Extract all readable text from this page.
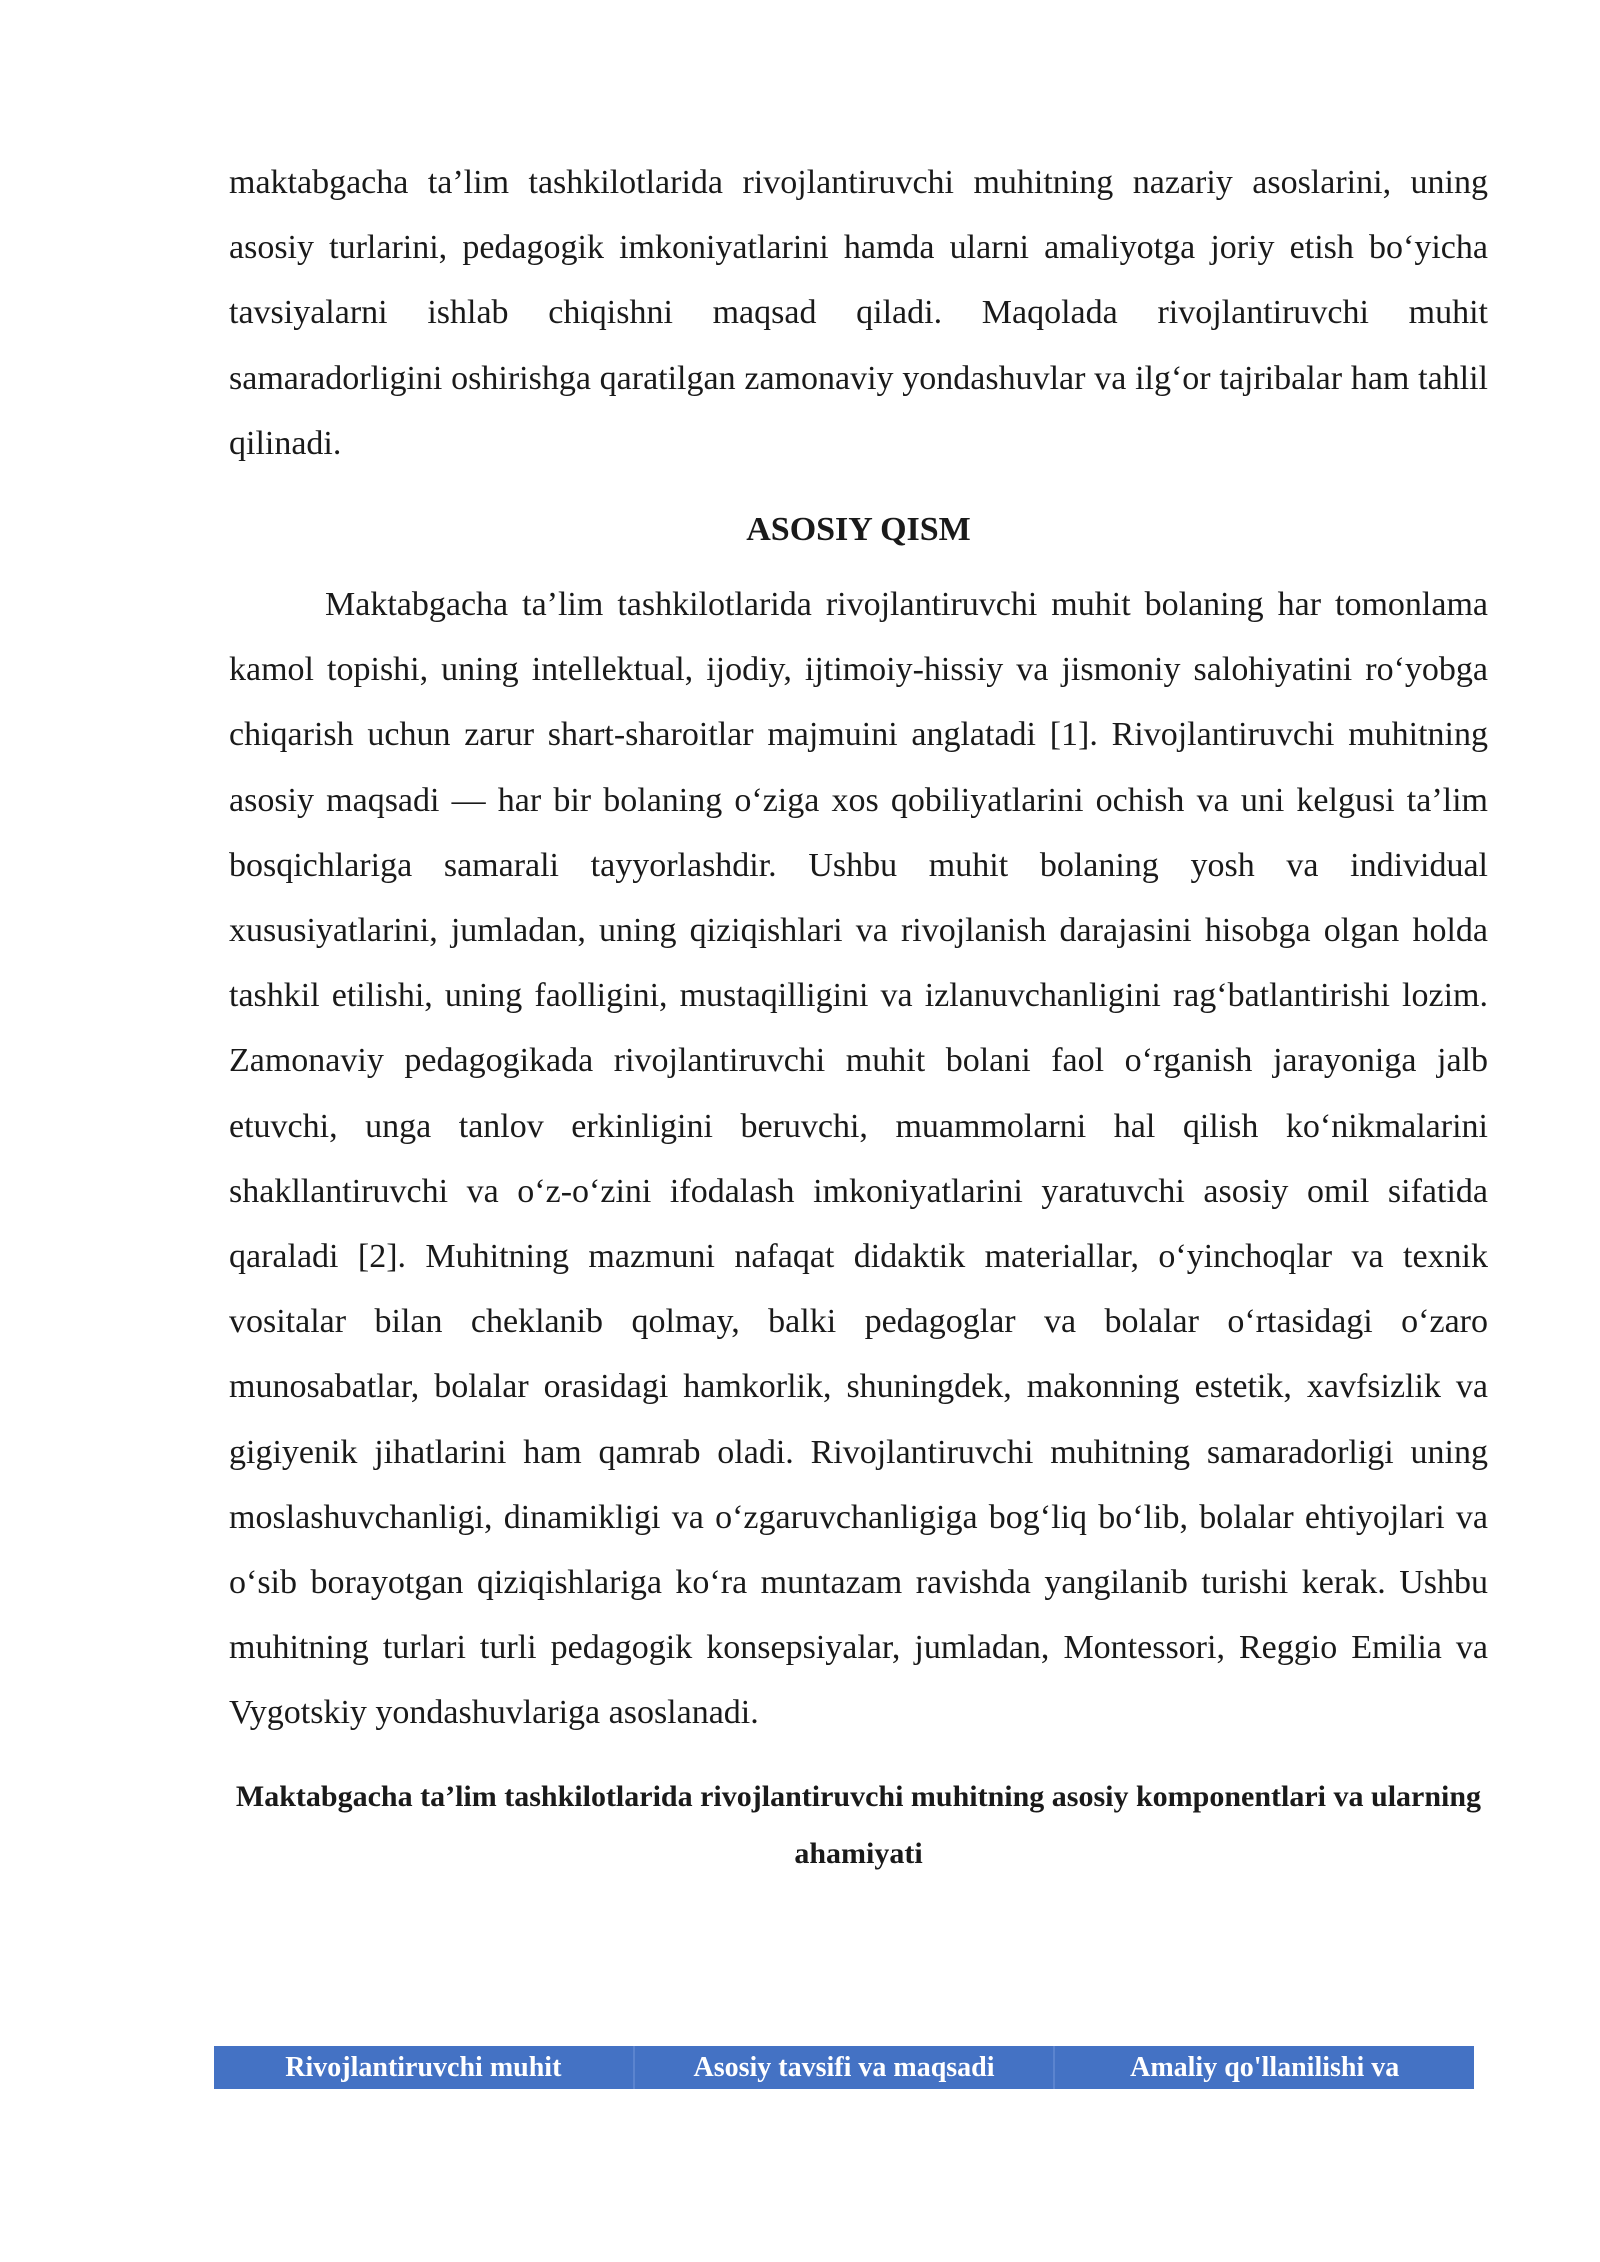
maktabgacha ta’lim tashkilotlarida rivojlantiruvchi muhitning nazariy asoslarini, uning asosiy turlarini, pedagogik imkoniyatlarini hamda ularni amaliyotga joriy etish bo‘yicha tavsiyalarni ishlab chiqishni maqsad qiladi. Maqolada rivojlantiruvchi muhit samaradorligini oshirishga qaratilgan zamonaviy yondashuvlar va ilg‘or tajribalar ham tahlil qilinadi.

ASOSIY QISM

Maktabgacha ta’lim tashkilotlarida rivojlantiruvchi muhit bolaning har tomonlama kamol topishi, uning intellektual, ijodiy, ijtimoiy-hissiy va jismoniy salohiyatini ro‘yobga chiqarish uchun zarur shart-sharoitlar majmuini anglatadi [1]. Rivojlantiruvchi muhitning asosiy maqsadi — har bir bolaning o‘ziga xos qobiliyatlarini ochish va uni kelgusi ta’lim bosqichlariga samarali tayyorlashdir. Ushbu muhit bolaning yosh va individual xususiyatlarini, jumladan, uning qiziqishlari va rivojlanish darajasini hisobga olgan holda tashkil etilishi, uning faolligini, mustaqilligini va izlanuvchanligini rag‘batlantirishi lozim. Zamonaviy pedagogikada rivojlantiruvchi muhit bolani faol o‘rganish jarayoniga jalb etuvchi, unga tanlov erkinligini beruvchi, muammolarni hal qilish ko‘nikmalarini shakllantiruvchi va o‘z-o‘zini ifodalash imkoniyatlarini yaratuvchi asosiy omil sifatida qaraladi [2]. Muhitning mazmuni nafaqat didaktik materiallar, o‘yinchoqlar va texnik vositalar bilan cheklanib qolmay, balki pedagoglar va bolalar o‘rtasidagi o‘zaro munosabatlar, bolalar orasidagi hamkorlik, shuningdek, makonning estetik, xavfsizlik va gigiyenik jihatlarini ham qamrab oladi. Rivojlantiruvchi muhitning samaradorligi uning moslashuvchanligi, dinamikligi va o‘zgaruvchanligiga bog‘liq bo‘lib, bolalar ehtiyojlari va o‘sib borayotgan qiziqishlariga ko‘ra muntazam ravishda yangilanib turishi kerak. Ushbu muhitning turlari turli pedagogik konsepsiyalar, jumladan, Montessori, Reggio Emilia va Vygotskiy yondashuvlariga asoslanadi.

Maktabgacha ta’lim tashkilotlarida rivojlantiruvchi muhitning asosiy komponentlari va ularning ahamiyati

Rivojlantiruvchi muhit	Asosiy tavsifi va maqsadi	Amaliy qo'llanilishi va
